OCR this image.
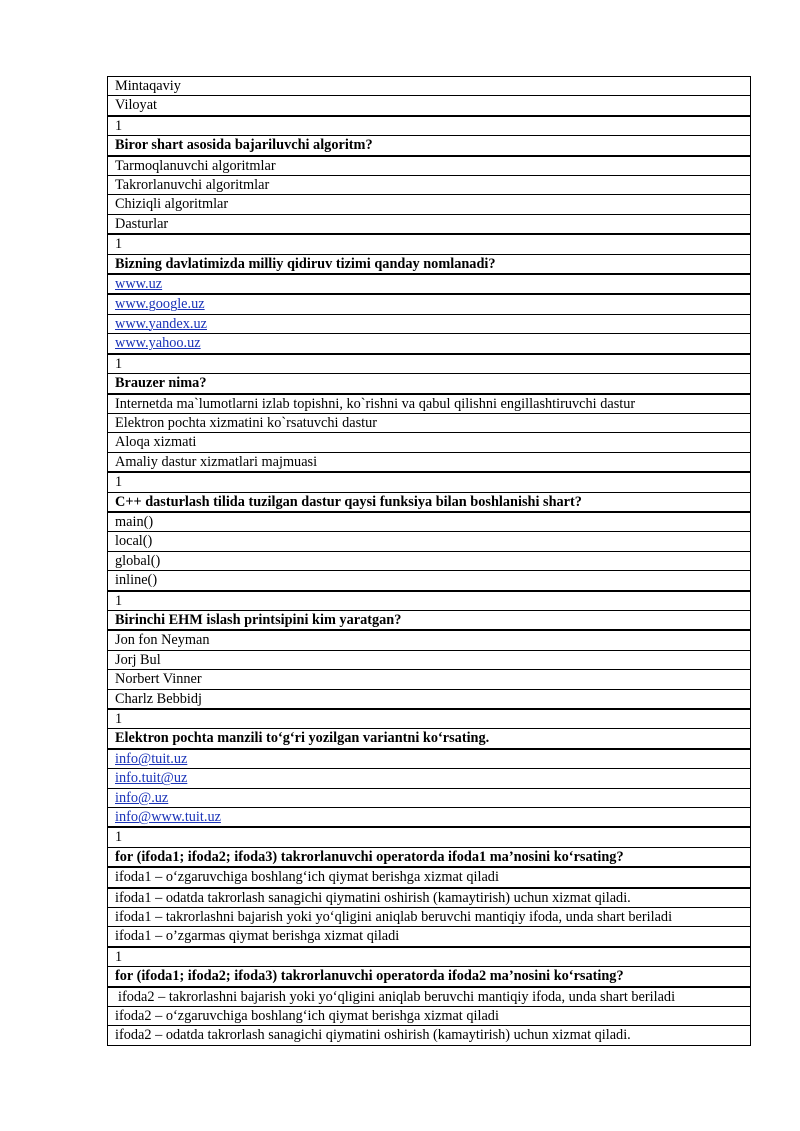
Mintaqaviy
Viloyat
1
Biror shart asosida bajariluvchi algoritm?
Tarmoqlanuvchi algoritmlar
Takrorlanuvchi algoritmlar
Chiziqli algoritmlar
Dasturlar
1
Bizning davlatimizda milliy qidiruv tizimi qanday nomlanadi?
www.uz
www.google.uz
www.yandex.uz
www.yahoo.uz
1
Brauzer nima?
Internetda ma`lumotlarni izlab topishni, ko`rishni va qabul qilishni engillashtiruvchi dastur
Elektron pochta xizmatini ko`rsatuvchi dastur
Aloqa xizmati
Amaliy dastur xizmatlari majmuasi
1
C++ dasturlash tilida tuzilgan dastur qaysi funksiya bilan boshlanishi shart?
main()
local()
global()
inline()
1
Birinchi EHM islash printsipini kim yaratgan?
Jon fon Neyman
Jorj Bul
Norbert Vinner
Charlz Bebbidj
1
Elektron pochta manzili to‘g‘ri yozilgan variantni ko‘rsating.
info@tuit.uz
info.tuit@uz
info@.uz
info@www.tuit.uz
1
for (ifoda1; ifoda2; ifoda3) takrorlanuvchi operatorda ifoda1 ma’nosini ko‘rsating?
ifoda1 – o‘zgaruvchiga boshlang‘ich qiymat berishga xizmat qiladi
ifoda1 – odatda takrorlash sanagichi qiymatini oshirish (kamaytirish) uchun xizmat qiladi.
ifoda1 – takrorlashni bajarish yoki yo‘qligini aniqlab beruvchi mantiqiy ifoda, unda shart beriladi
ifoda1 – o’zgarmas qiymat berishga xizmat qiladi
1
for (ifoda1; ifoda2; ifoda3) takrorlanuvchi operatorda ifoda2 ma’nosini ko‘rsating?
ifoda2 – takrorlashni bajarish yoki yo‘qligini aniqlab beruvchi mantiqiy ifoda, unda shart beriladi
ifoda2 – o‘zgaruvchiga boshlang‘ich qiymat berishga xizmat qiladi
ifoda2 – odatda takrorlash sanagichi qiymatini oshirish (kamaytirish) uchun xizmat qiladi.
